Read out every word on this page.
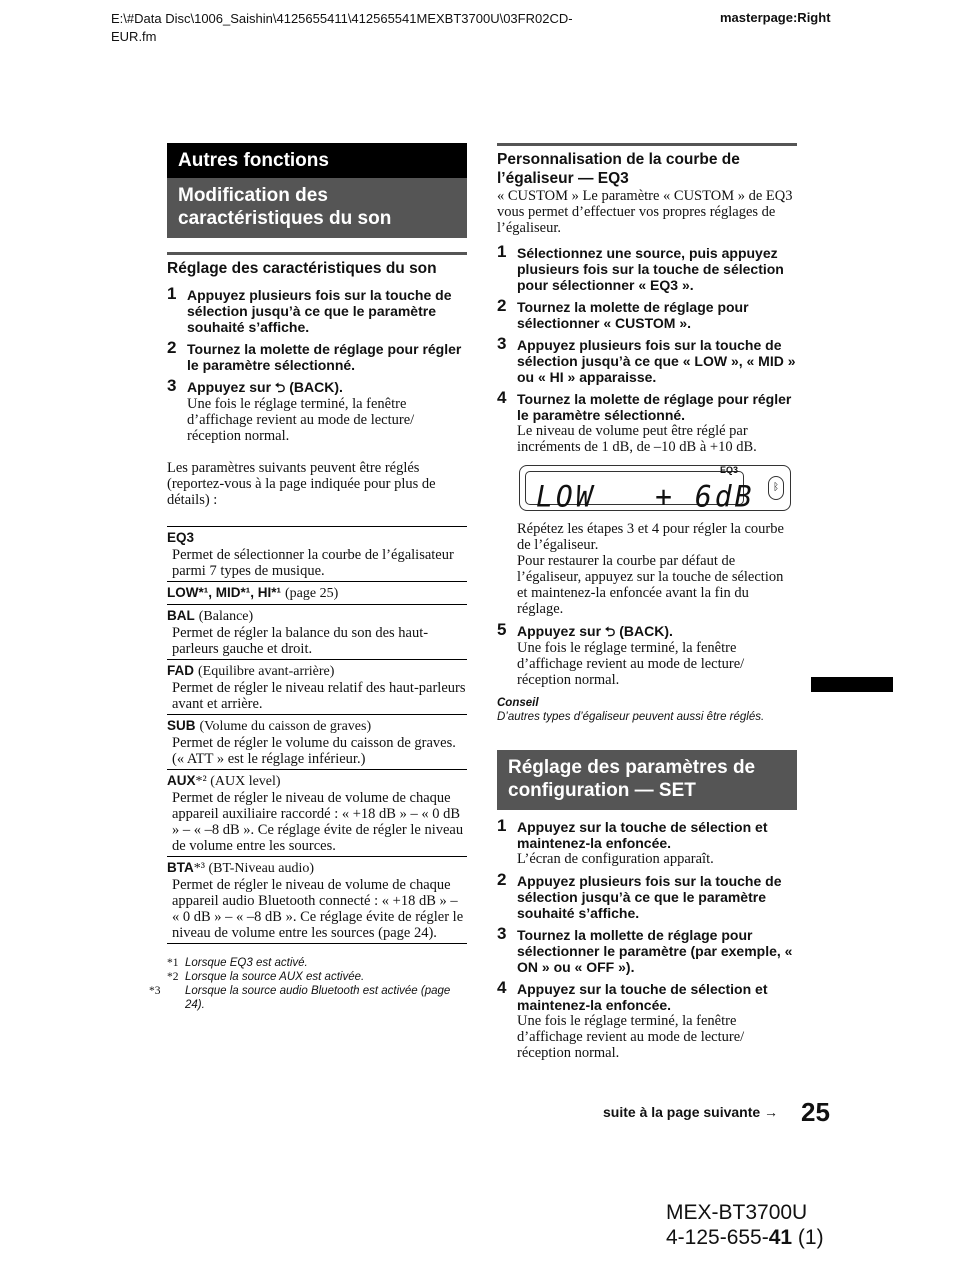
E:\#Data Disc\1006_Saishin\4125655411\412565541MEXBT3700U\03FR02CD-
EUR.fm
masterpage:Right
Autres fonctions
Modification des
caractéristiques du son
Réglage des caractéristiques du son
1 Appuyez plusieurs fois sur la touche de sélection jusqu’à ce que le paramètre souhaité s’affiche.
2 Tournez la molette de réglage pour régler le paramètre sélectionné.
3 Appuyez sur ⮌ (BACK).
Une fois le réglage terminé, la fenêtre d’affichage revient au mode de lecture/ réception normal.
Les paramètres suivants peuvent être réglés (reportez-vous à la page indiquée pour plus de détails) :
EQ3
Permet de sélectionner la courbe de l’égalisateur parmi 7 types de musique.
LOW*¹, MID*¹, HI*¹ (page 25)
BAL (Balance)
Permet de régler la balance du son des haut-parleurs gauche et droit.
FAD (Equilibre avant-arrière)
Permet de régler le niveau relatif des haut-parleurs avant et arrière.
SUB (Volume du caisson de graves)
Permet de régler le volume du caisson de graves. (« ATT » est le réglage inférieur.)
AUX*² (AUX level)
Permet de régler le niveau de volume de chaque appareil auxiliaire raccordé : « +18 dB » – « 0 dB » – « –8 dB ». Ce réglage évite de régler le niveau de volume entre les sources.
BTA*³ (BT-Niveau audio)
Permet de régler le niveau de volume de chaque appareil audio Bluetooth connecté : « +18 dB » – « 0 dB » – « –8 dB ». Ce réglage évite de régler le niveau de volume entre les sources (page 24).
*1 Lorsque EQ3 est activé.
*2 Lorsque la source AUX est activée.
*3 Lorsque la source audio Bluetooth est activée (page 24).
Personnalisation de la courbe de l’égaliseur — EQ3
« CUSTOM » Le paramètre « CUSTOM » de EQ3 vous permet d’effectuer vos propres réglages de l’égaliseur.
1 Sélectionnez une source, puis appuyez plusieurs fois sur la touche de sélection pour sélectionner « EQ3 ».
2 Tournez la molette de réglage pour sélectionner « CUSTOM ».
3 Appuyez plusieurs fois sur la touche de sélection jusqu’à ce que « LOW », « MID » ou « HI » apparaisse.
4 Tournez la molette de réglage pour régler le paramètre sélectionné.
Le niveau de volume peut être réglé par incréments de 1 dB, de –10 dB à +10 dB.
LOW   + 6dB
EQ3
ᛒ
Répétez les étapes 3 et 4 pour régler la courbe de l’égaliseur.
Pour restaurer la courbe par défaut de l’égaliseur, appuyez sur la touche de sélection et maintenez-la enfoncée avant la fin du réglage.
5 Appuyez sur ⮌ (BACK).
Une fois le réglage terminé, la fenêtre d’affichage revient au mode de lecture/ réception normal.
Conseil
D’autres types d’égaliseur peuvent aussi être réglés.
Réglage des paramètres de
configuration — SET
1 Appuyez sur la touche de sélection et maintenez-la enfoncée.
L’écran de configuration apparaît.
2 Appuyez plusieurs fois sur la touche de sélection jusqu’à ce que le paramètre souhaité s’affiche.
3 Tournez la mollette de réglage pour sélectionner le paramètre (par exemple, « ON » ou « OFF »).
4 Appuyez sur la touche de sélection et maintenez-la enfoncée.
Une fois le réglage terminé, la fenêtre d’affichage revient au mode de lecture/ réception normal.
suite à la page suivante → 25
MEX-BT3700U
4-125-655-41 (1)
